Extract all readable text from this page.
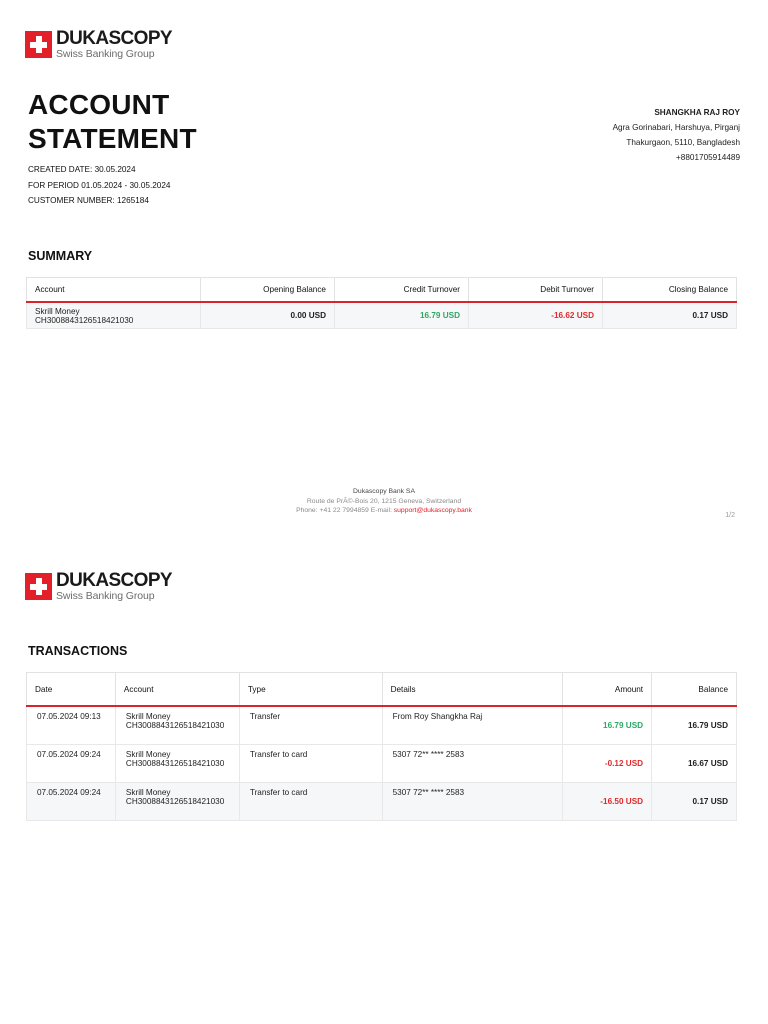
DUKASCOPY
Swiss Banking Group
ACCOUNT
STATEMENT
CREATED DATE: 30.05.2024
FOR PERIOD 01.05.2024 - 30.05.2024
CUSTOMER NUMBER: 1265184
SHANGKHA RAJ ROY
Agra Gorinabari, Harshuya, Pirganj
Thakurgaon, 5110, Bangladesh
+8801705914489
SUMMARY
Account	Opening Balance	Credit Turnover	Debit Turnover	Closing Balance

Skrill Money
CH3008843126518421030	0.00 USD	16.79 USD	-16.62 USD	0.17 USD
Dukascopy Bank SA
Route de PrÃ©-Bois 20, 1215 Geneva, Switzerland
Phone: +41 22 7994859 E-mail: support@dukascopy.bank
1/2
DUKASCOPY
Swiss Banking Group
TRANSACTIONS
Date	Account	Type	Details	Amount	Balance
07.05.2024 09:13	Skrill Money
CH3008843126518421030	Transfer	From Roy Shangkha Raj	16.79 USD	16.79 USD
07.05.2024 09:24	Skrill Money
CH3008843126518421030	Transfer to card	5307 72** **** 2583	-0.12 USD	16.67 USD
07.05.2024 09:24	Skrill Money
CH3008843126518421030	Transfer to card	5307 72** **** 2583	-16.50 USD	0.17 USD
